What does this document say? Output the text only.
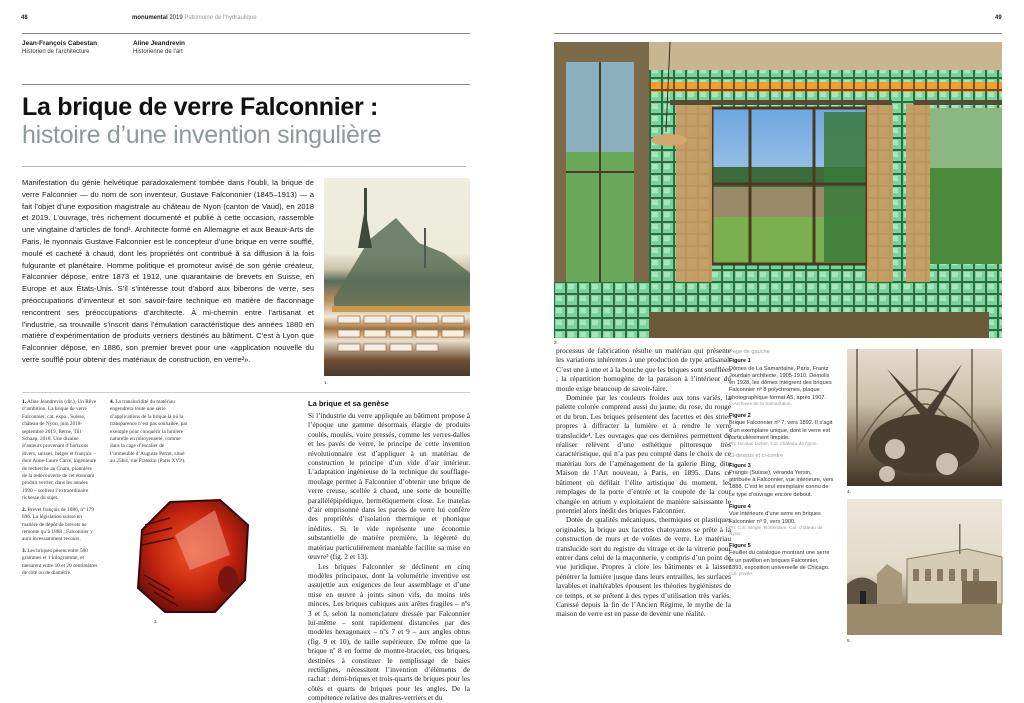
48	monumental 2019 Patrimoine de l'hydraulique
Jean-François Cabestan
Historien de l'architecture
Aline Jeandrevin
Historienne de l'art
La brique de verre Falconnier :
histoire d’une invention singulière
Manifestation du génie helvétique paradoxalement tombée dans l’oubli, la brique de verre Falconnier — du nom de son inventeur, Gustave Falconnnier (1845–1913) — a fait l’objet d’une exposition magistrale au château de Nyon (canton de Vaud), en 2018 et 2019. L’ouvrage, très richement documenté et publié à cette occasion, rassemble une vingtaine d’articles de fond¹. Architecte formé en Allemagne et aux Beaux-Arts de Paris, le nyonnais Gustave Falconnier est le concepteur d’une brique en verre soufflé, moulé et cacheté à chaud, dont les propriétés ont contribué à sa diffusion à la fois fulgurante et planétaire. Homme politique et promoteur avisé de son génie créateur, Falconnier dépose, entre 1873 et 1912, une quarantaine de brevets en Suisse, en Europe et aux États-Unis. S’il s’intéresse tout d’abord aux biberons de verre, ses préoccupations d’inventeur et son savoir-faire technique en matière de flaconnage rencontrent ses préoccupations d’architecte. À mi-chemin entre l’artisanat et l’industrie, sa trouvaille s’inscrit dans l’émulation caractéristique des années 1880 en matière d’expérimentation de produits verriers destinés au bâtiment. C’est à Lyon que Falconnier dépose, en 1886, son premier brevet pour une «application nouvelle du verre soufflé pour obtenir des matériaux de construction, en verre²».
1.

1. Aline Jeandrevin (dir.), Un Rêve d’ambition. La brique de verre Falconnier, cat. expo., Suisse, château de Nyon, juin 2018-septembre 2019, Berne, Till Schaap, 2018. Une dizaine d’auteurs provenant d’horizons divers, suisses, belges et français – dont Anne-Laure Carré, ingénieure de recherche au Cnam, pionnière de la redécouverte de cet étonnant produit verrier, dans les années 1990 – scellent l’extraordinaire richesse du sujet.

2. Brevet français de 1886, nº 179 696. La législation suisse en matière de dépôt de brevets ne remonte qu’à 1888 ; Falconnier y aura incessamment recours.

3. Les briques pèsent entre 500 grammes et 1 kilogramme, et mesurent entre 10 et 20 centimètres de côté ou de diamètre.

4. La translucidité du matériau engendrera toute une série d’applications de la brique là où la transparence n’est pas souhaitée, par exemple pour conquérir la lumière naturelle en mitoyenneté, comme dans la cage d’escalier de l’immeuble d’Auguste Perret, situé au 25bis, rue Franklin (Paris XVIᵉ).

2.
La brique et sa genèse

Si l’industrie du verre appliquée au bâtiment propose à l’époque une gamme désormais élargie de produits coulés, moulés, voire pressés, comme les verres-dalles et les pavés de verre, le principe de cette invention révolutionnaire est d’appliquer à un matériau de construction le principe d’un vide d’air intérieur. L’adaptation ingénieuse de la technique du soufflage-moulage permet à Falconnier d’obtenir une brique de verre creuse, scellée à chaud, une sorte de bouteille parallélépipédique, hermétiquement close. Le matelas d’air emprisonné dans les parois de verre lui confère des propriétés d’isolation thermique et phonique inédites. Si le vide représente une économie substantielle de matière première, la légèreté du matériau particulièrement maniable facilite sa mise en œuvre³ (fig. 2 et 13).

Les briques Falconnier se déclinent en cinq modèles principaux, dont la volumétrie inventive est assujettie aux exigences de leur assemblage et d’une mise en œuvre à joints sinon vifs, du moins très minces. Les briques cubiques aux arêtes fragiles – nºs 3 et 5, selon la nomenclature dressée par Falconnier lui-même – sont rapidement distancées par des modèles hexagonaux – nºs 7 et 9 – aux angles obtus (fig. 9 et 10), de taille supérieure. De même que la brique nº 8 en forme de montre-bracelet, ces briques, destinées à constituer le remplissage de baies rectilignes, nécessitent l’invention d’éléments de rachat : demi-briques et trois-quarts de briques pour les côtés et quarts de briques pour les angles. De la compétence relative des maîtres-verriers et du

49
3.

processus de fabrication résulte un matériau qui présente les variations inhérentes à une production de type artisanal. C’est une à une et à la bouche que les briques sont soufflées ; la répartition homogène de la paraison à l’intérieur du moule exige beaucoup de savoir-faire.

Dominée par les couleurs froides aux tons variés, la palette colorée comprend aussi du jaune, du rose, du rouge et du brun. Les briques présentent des facettes et des stries propres à diffracter la lumière et à rendre le verre translucide⁴. Les ouvrages que ces dernières permettent de réaliser relèvent d’une esthétique pittoresque très caractéristique, qui n’a pas peu compté dans le choix de ce matériau lors de l’aménagement de la galerie Bing, dite Maison de l’Art nouveau, à Paris, en 1895. Dans ce bâtiment où défilait l’élite artistique du moment, les remplages de la porte d’entrée et la coupole de la cour changée en atrium y exploitaient de manière saisissante le potentiel alors inédit des briques Falconnier.

Dotée de qualités mécaniques, thermiques et plastiques originales, la brique aux facettes chatoyantes se prête à la construction de murs et de voûtes de verre. Le matériau translucide sort du registre du vitrage et de la vitrerie pour entrer dans celui de la maçonnerie, y compris d’un point de vue juridique. Propres à clore les bâtiments et à laisser pénétrer la lumière jusque dans leurs entrailles, les surfaces lavables et inaltérables épousent les théories hygiénistes de ce temps, et se prêtent à des types d’utilisation très variés. Caressé depuis la fin de l’Ancien Régime, le mythe de la maison de verre est en passe de devenir une réalité.

Page de gauche
Figure 1
Dômes de La Samaritaine, Paris, Frantz Jourdain architecte, 1905-1910. Démolis en 1928, les dômes intégrent des briques Falconnier nº 8 polychromes, plaque photographique format A5, après 1907.
© Archives de la Samaritaine.
Figure 2
Brique Falconnier nº 7, vers 1892. Il s’agit d’un exemplaire unique, dont le verre est particulièrement limpide.
Ph. Nicolas Lieber, Col. château de Nyon.
Ci-dessus et ci-contre
Figure 3
Prangis (Suisse), véranda Yersin, attribuée à Falconnier, vue intérieure, vers 1888. C’est le seul exemplaire connu de ce type d’ouvrage encore debout.
Figure 4
Vue intérieure d’une serre en briques Falconnier nº 9, vers 1900.
Ph. C.E. Mögle, Rotterdam. Col. château de Nyon.
Figure 5
Feuillet du catalogue montrant une serre et un pavillon en briques Falconnier, 1893, exposition universelle de Chicago.
Col. privée.
4.
5.
